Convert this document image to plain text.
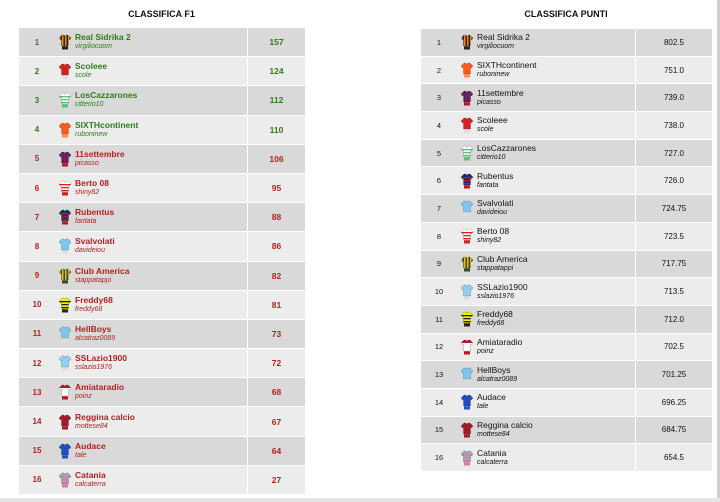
CLASSIFICA F1	CLASSIFICA PUNTI
1		Real Sidrika 2
virgiliocuom	157
2		Scoleee
scole	124
3		LosCazzarones
citterio10	112
4		SIXTHcontinent
ruboninew	110
5		11settembre
picasso	106
6		Berto 08
shiny82	95
7		Rubentus
fantata	88
8		Svalvolati
davideiou	86
9		Club America
stappatappi	82
10		Freddy68
freddy68	81
11		HellBoys
alcatraz0089	73
12		SSLazio1900
sslazio1976	72
13		Amiataradio
poinz	68
14		Reggina calcio
mottese84	67
15		Audace
tale	64
16		Catania
calcaterra	27
1		Real Sidrika 2
virgiliocuom	802.5
2		SIXTHcontinent
ruboninew	751.0
3		11settembre
picasso	739.0
4		Scoleee
scole	738.0
5		LosCazzarones
citterio10	727.0
6		Rubentus
fantata	726.0
7		Svalvolati
davideiou	724.75
8		Berto 08
shiny82	723.5
9		Club America
stappatappi	717.75
10		SSLazio1900
sslazio1976	713.5
11		Freddy68
freddy68	712.0
12		Amiataradio
poinz	702.5
13		HellBoys
alcatraz0089	701.25
14		Audace
tale	696.25
15		Reggina calcio
mottese84	684.75
16		Catania
calcaterra	654.5
